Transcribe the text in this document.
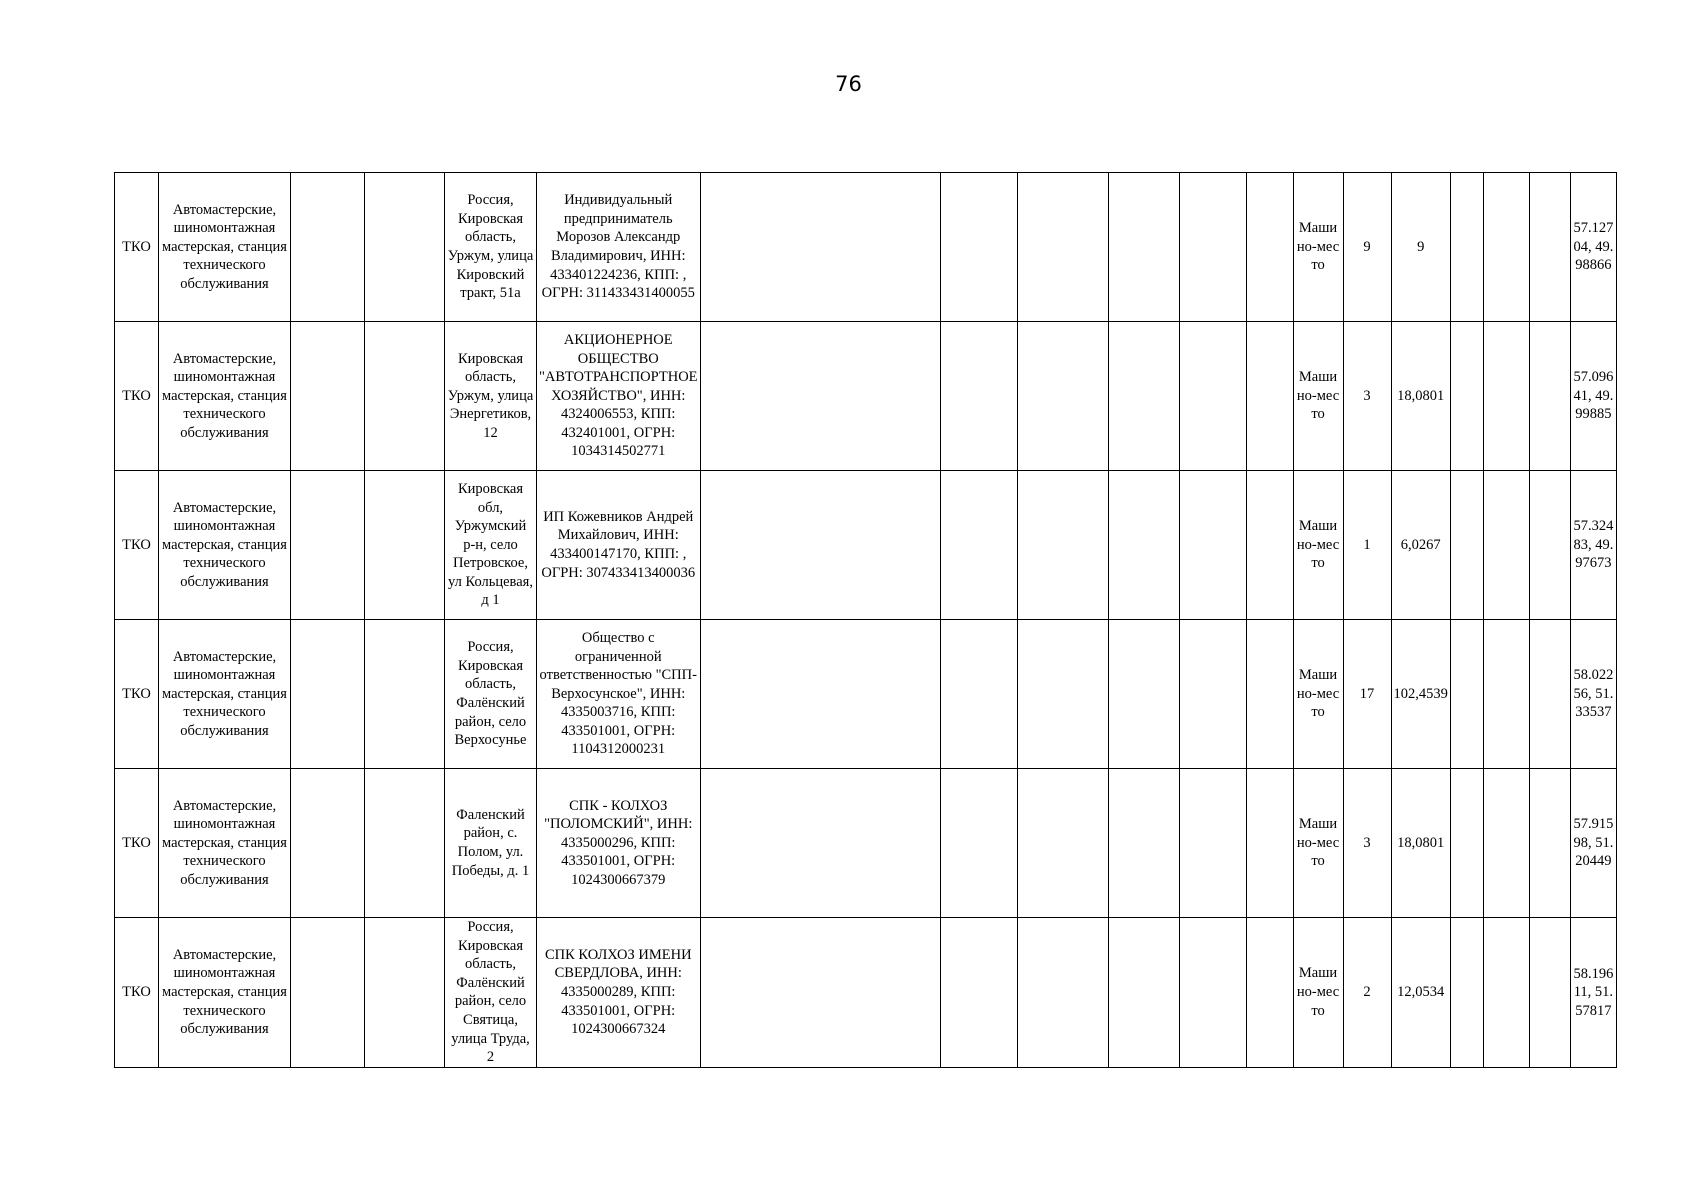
76
ТКО	Автомастерские, шиномонтажная мастерская, станция технического обслуживания			Россия, Кировская область, Уржум, улица Кировский тракт, 51а	Индивидуальный предприниматель Морозов Александр Владимирович, ИНН: 433401224236, КПП: , ОГРН: 311433431400055							Машино-место	9	9				57.127 04, 49.98866
ТКО	Автомастерские, шиномонтажная мастерская, станция технического обслуживания			Кировская область, Уржум, улица Энергетиков, 12	АКЦИОНЕРНОЕ ОБЩЕСТВО "АВТОТРАНСПОРТНОЕ ХОЗЯЙСТВО", ИНН: 4324006553, КПП: 432401001, ОГРН: 1034314502771							Машино-место	3	18,0801				57.09641, 49.99885
ТКО	Автомастерские, шиномонтажная мастерская, станция технического обслуживания			Кировская обл, Уржумский р-н, село Петровское, ул Кольцевая, д 1	ИП Кожевников Андрей Михайлович, ИНН: 433400147170, КПП: , ОГРН: 307433413400036							Машино-место	1	6,0267				57.32483, 49.97673
ТКО	Автомастерские, шиномонтажная мастерская, станция технического обслуживания			Россия, Кировская область, Фалёнский район, село Верхосунье	Общество с ограниченной ответственностью "СПП-Верхосунское", ИНН: 4335003716, КПП: 433501001, ОГРН: 1104312000231							Машино-место	17	102,4539				58.02256, 51.33537
ТКО	Автомастерские, шиномонтажная мастерская, станция технического обслуживания			Фаленский район, с. Полом, ул. Победы, д. 1	СПК - КОЛХОЗ "ПОЛОМСКИЙ", ИНН: 4335000296, КПП: 433501001, ОГРН: 1024300667379							Машино-место	3	18,0801				57.91598, 51.20449
ТКО	Автомастерские, шиномонтажная мастерская, станция технического обслуживания			Россия, Кировская область, Фалёнский район, село Святица, улица Труда, 2	СПК КОЛХОЗ ИМЕНИ СВЕРДЛОВА, ИНН: 4335000289, КПП: 433501001, ОГРН: 1024300667324							Машино-место	2	12,0534				58.19611, 51.57817
